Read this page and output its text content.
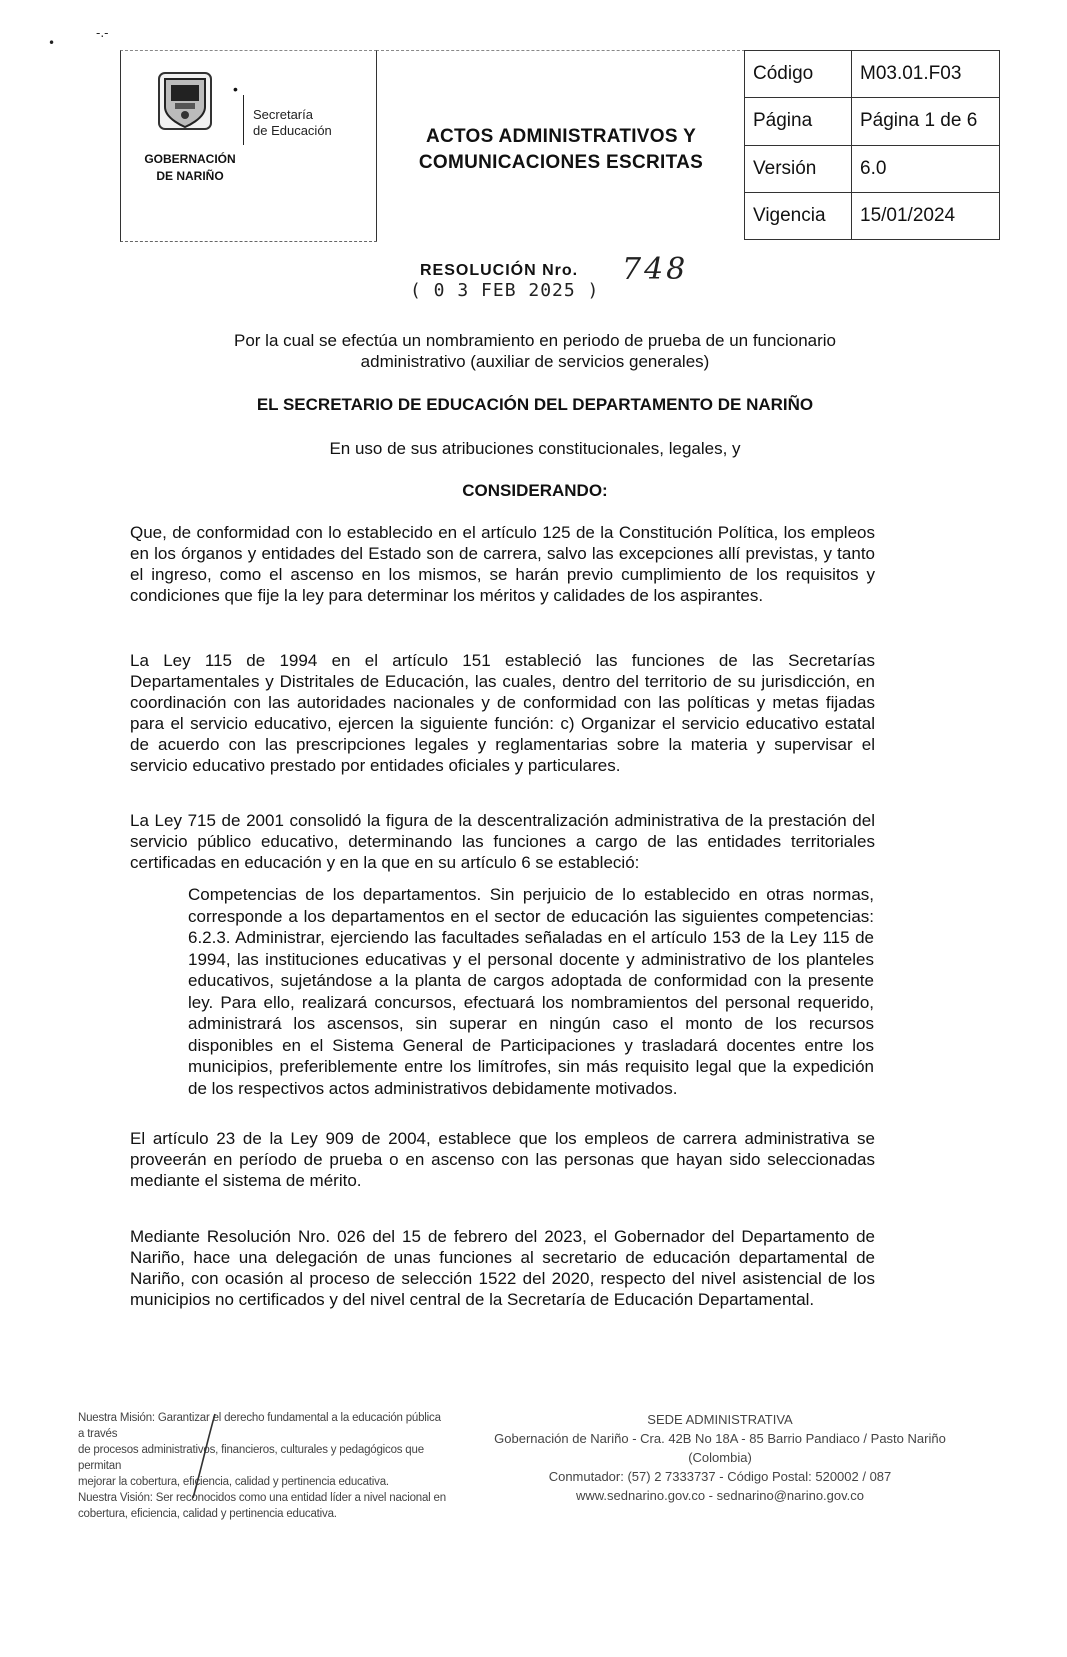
•
-.-
•
Secretaría
de Educación
GOBERNACIÓN
DE NARIÑO
ACTOS ADMINISTRATIVOS Y
COMUNICACIONES ESCRITAS
Código	M03.01.F03
Página	Página 1 de 6
Versión	6.0
Vigencia	15/01/2024
RESOLUCIÓN Nro.
( 0 3 FEB 2025 )
748
Por la cual se efectúa un nombramiento en periodo de prueba de un funcionario
administrativo (auxiliar de servicios generales)
EL SECRETARIO DE EDUCACIÓN DEL DEPARTAMENTO DE NARIÑO
En uso de sus atribuciones constitucionales, legales, y
CONSIDERANDO:
Que, de conformidad con lo establecido en el artículo 125 de la Constitución Política, los empleos en los órganos y entidades del Estado son de carrera, salvo las excepciones allí previstas, y tanto el ingreso, como el ascenso en los mismos, se harán previo cumplimiento de los requisitos y condiciones que fije la ley para determinar los méritos y calidades de los aspirantes.
La Ley 115 de 1994 en el artículo 151 estableció las funciones de las Secretarías Departamentales y Distritales de Educación, las cuales, dentro del territorio de su jurisdicción, en coordinación con las autoridades nacionales y de conformidad con las políticas y metas fijadas para el servicio educativo, ejercen la siguiente función: c) Organizar el servicio educativo estatal de acuerdo con las prescripciones legales y reglamentarias sobre la materia y supervisar el servicio educativo prestado por entidades oficiales y particulares.
La Ley 715 de 2001 consolidó la figura de la descentralización administrativa de la prestación del servicio público educativo, determinando las funciones a cargo de las entidades territoriales certificadas en educación y en la que en su artículo 6 se estableció:
Competencias de los departamentos. Sin perjuicio de lo establecido en otras normas, corresponde a los departamentos en el sector de educación las siguientes competencias: 6.2.3. Administrar, ejerciendo las facultades señaladas en el artículo 153 de la Ley 115 de 1994, las instituciones educativas y el personal docente y administrativo de los planteles educativos, sujetándose a la planta de cargos adoptada de conformidad con la presente ley. Para ello, realizará concursos, efectuará los nombramientos del personal requerido, administrará los ascensos, sin superar en ningún caso el monto de los recursos disponibles en el Sistema General de Participaciones y trasladará docentes entre los municipios, preferiblemente entre los limítrofes, sin más requisito legal que la expedición de los respectivos actos administrativos debidamente motivados.
El artículo 23 de la Ley 909 de 2004, establece que los empleos de carrera administrativa se proveerán en período de prueba o en ascenso con las personas que hayan sido seleccionadas mediante el sistema de mérito.
Mediante Resolución Nro. 026 del 15 de febrero del 2023, el Gobernador del Departamento de Nariño, hace una delegación de unas funciones al secretario de educación departamental de Nariño, con ocasión al proceso de selección 1522 del 2020, respecto del nivel asistencial de los municipios no certificados y del nivel central de la Secretaría de Educación Departamental.
Nuestra Misión: Garantizar el derecho fundamental a la educación pública a través
de procesos administrativos, financieros, culturales y pedagógicos que permitan
mejorar la cobertura, eficiencia, calidad y pertinencia educativa.
Nuestra Visión: Ser reconocidos como una entidad líder a nivel nacional en
cobertura, eficiencia, calidad y pertinencia educativa.
SEDE ADMINISTRATIVA
Gobernación de Nariño - Cra. 42B No 18A - 85 Barrio Pandiaco / Pasto Nariño (Colombia)
Conmutador: (57) 2 7333737 - Código Postal: 520002 / 087
www.sednarino.gov.co - sednarino@narino.gov.co
